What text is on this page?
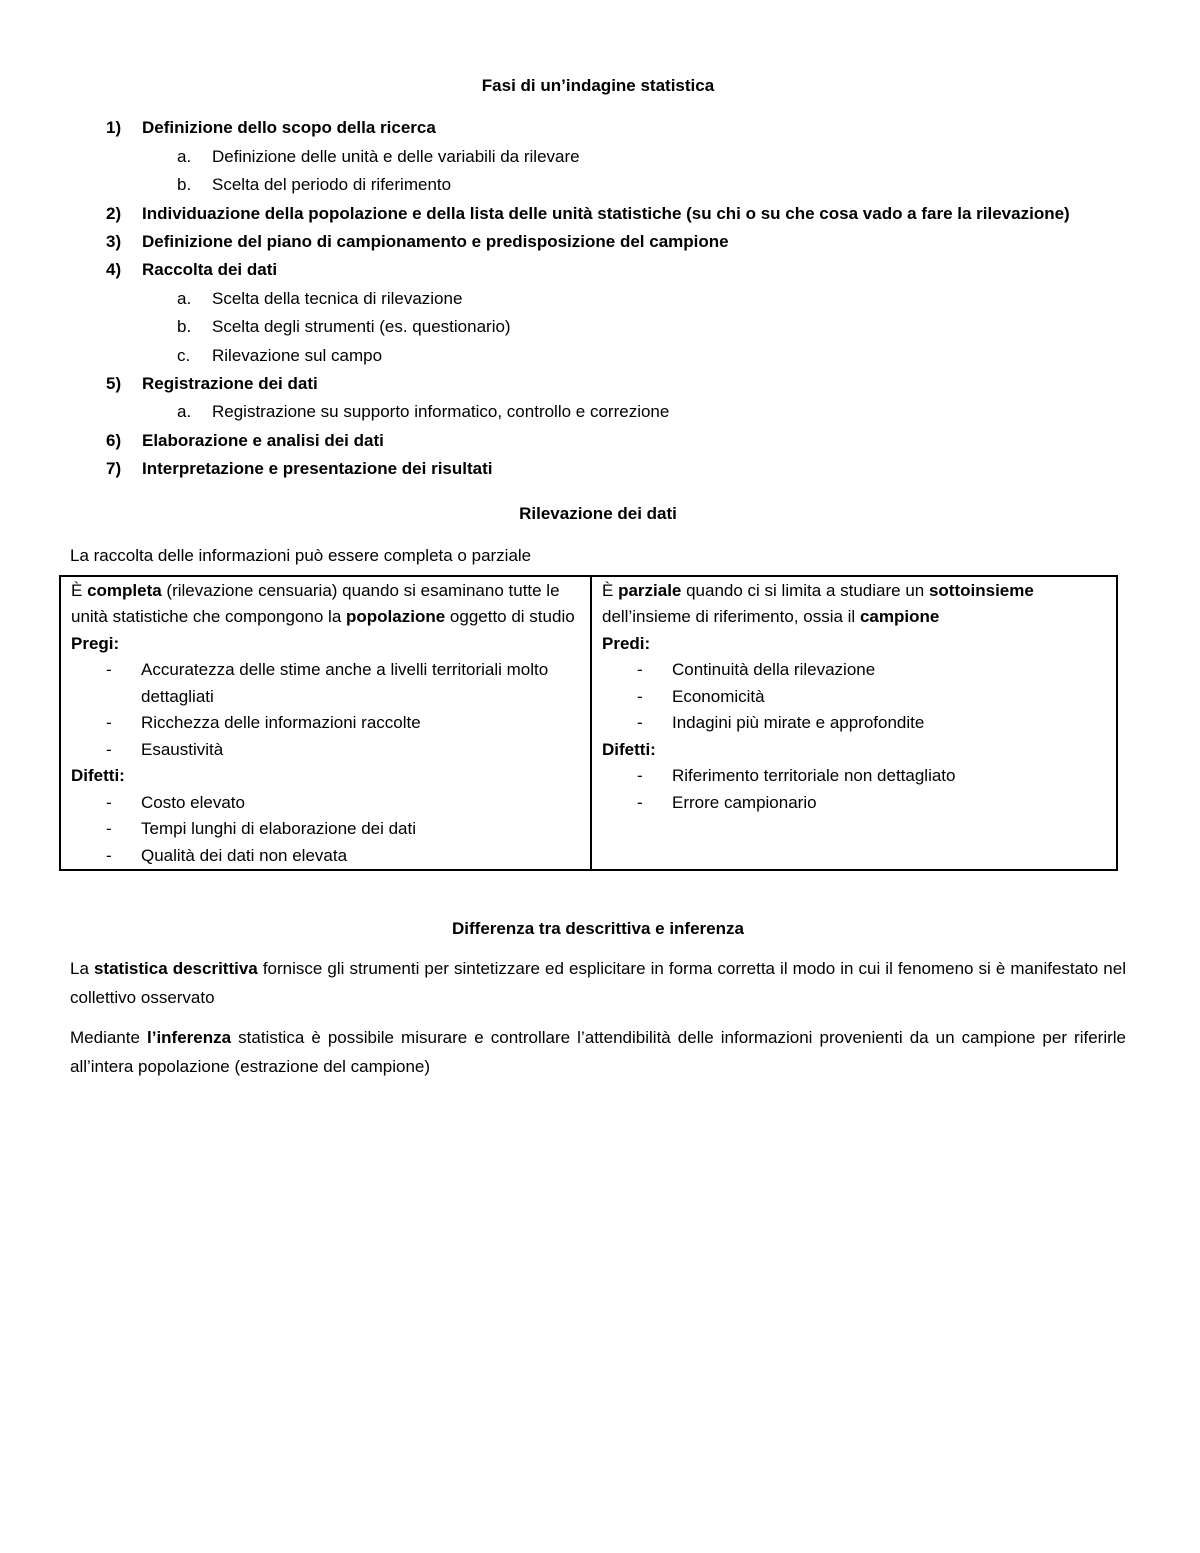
Fasi di un’indagine statistica
1) Definizione dello scopo della ricerca
a. Definizione delle unità e delle variabili da rilevare
b. Scelta del periodo di riferimento
2) Individuazione della popolazione e della lista delle unità statistiche (su chi o su che cosa vado a fare la rilevazione)
3) Definizione del piano di campionamento e predisposizione del campione
4) Raccolta dei dati
a. Scelta della tecnica di rilevazione
b. Scelta degli strumenti (es. questionario)
c. Rilevazione sul campo
5) Registrazione dei dati
a. Registrazione su supporto informatico, controllo e correzione
6) Elaborazione e analisi dei dati
7) Interpretazione e presentazione dei risultati
Rilevazione dei dati

La raccolta delle informazioni può essere completa o parziale

È completa (rilevazione censuaria) quando si esaminano tutte le unità statistiche che compongono la popolazione oggetto di studio
Pregi:
- Accuratezza delle stime anche a livelli territoriali molto dettagliati
- Ricchezza delle informazioni raccolte
- Esaustività
Difetti:
- Costo elevato
- Tempi lunghi di elaborazione dei dati
- Qualità dei dati non elevata

È parziale quando ci si limita a studiare un sottoinsieme dell’insieme di riferimento, ossia il campione
Predi:
- Continuità della rilevazione
- Economicità
- Indagini più mirate e approfondite
Difetti:
- Riferimento territoriale non dettagliato
- Errore campionario
Differenza tra descrittiva e inferenza

La statistica descrittiva fornisce gli strumenti per sintetizzare ed esplicitare in forma corretta il modo in cui il fenomeno si è manifestato nel collettivo osservato

Mediante l’inferenza statistica è possibile misurare e controllare l’attendibilità delle informazioni provenienti da un campione per riferirle all’intera popolazione (estrazione del campione)
